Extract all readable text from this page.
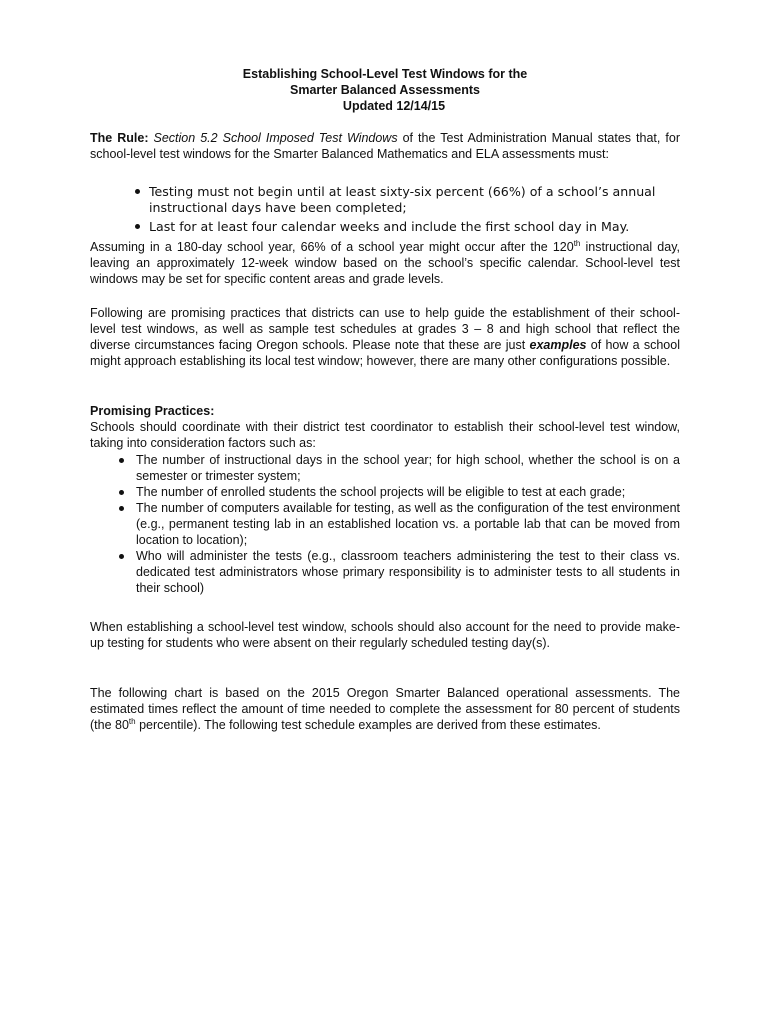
Establishing School-Level Test Windows for the
Smarter Balanced Assessments
Updated 12/14/15

The Rule: Section 5.2 School Imposed Test Windows of the Test Administration Manual states that, for school-level test windows for the Smarter Balanced Mathematics and ELA assessments must:

Testing must not begin until at least sixty-six percent (66%) of a school’s annual instructional days have been completed;
Last for at least four calendar weeks and include the first school day in May.

Assuming in a 180-day school year, 66% of a school year might occur after the 120th instructional day, leaving an approximately 12-week window based on the school’s specific calendar. School-level test windows may be set for specific content areas and grade levels.

Following are promising practices that districts can use to help guide the establishment of their school-level test windows, as well as sample test schedules at grades 3 – 8 and high school that reflect the diverse circumstances facing Oregon schools. Please note that these are just examples of how a school might approach establishing its local test window; however, there are many other configurations possible.

Promising Practices:

Schools should coordinate with their district test coordinator to establish their school-level test window, taking into consideration factors such as:

The number of instructional days in the school year; for high school, whether the school is on a semester or trimester system;
The number of enrolled students the school projects will be eligible to test at each grade;
The number of computers available for testing, as well as the configuration of the test environment (e.g., permanent testing lab in an established location vs. a portable lab that can be moved from location to location);
Who will administer the tests (e.g., classroom teachers administering the test to their class vs. dedicated test administrators whose primary responsibility is to administer tests to all students in their school)

When establishing a school-level test window, schools should also account for the need to provide make-up testing for students who were absent on their regularly scheduled testing day(s).

The following chart is based on the 2015 Oregon Smarter Balanced operational assessments. The estimated times reflect the amount of time needed to complete the assessment for 80 percent of students (the 80th percentile). The following test schedule examples are derived from these estimates.
